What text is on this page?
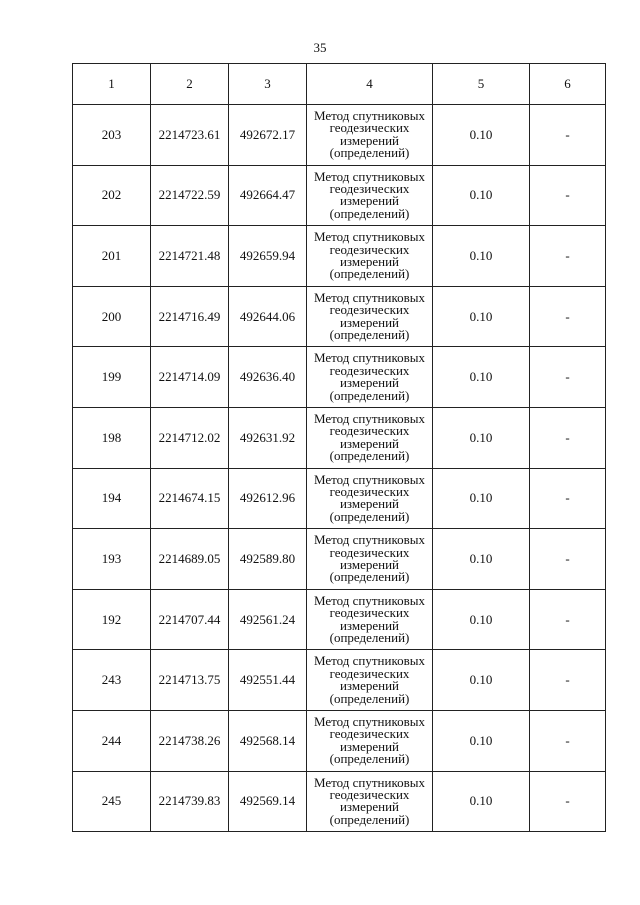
35
1	2	3	4	5	6
203	2214723.61	492672.17	Метод спутниковых
геодезических
измерений
(определений)	0.10	-
202	2214722.59	492664.47	Метод спутниковых
геодезических
измерений
(определений)	0.10	-
201	2214721.48	492659.94	Метод спутниковых
геодезических
измерений
(определений)	0.10	-
200	2214716.49	492644.06	Метод спутниковых
геодезических
измерений
(определений)	0.10	-
199	2214714.09	492636.40	Метод спутниковых
геодезических
измерений
(определений)	0.10	-
198	2214712.02	492631.92	Метод спутниковых
геодезических
измерений
(определений)	0.10	-
194	2214674.15	492612.96	Метод спутниковых
геодезических
измерений
(определений)	0.10	-
193	2214689.05	492589.80	Метод спутниковых
геодезических
измерений
(определений)	0.10	-
192	2214707.44	492561.24	Метод спутниковых
геодезических
измерений
(определений)	0.10	-
243	2214713.75	492551.44	Метод спутниковых
геодезических
измерений
(определений)	0.10	-
244	2214738.26	492568.14	Метод спутниковых
геодезических
измерений
(определений)	0.10	-
245	2214739.83	492569.14	Метод спутниковых
геодезических
измерений
(определений)	0.10	-
